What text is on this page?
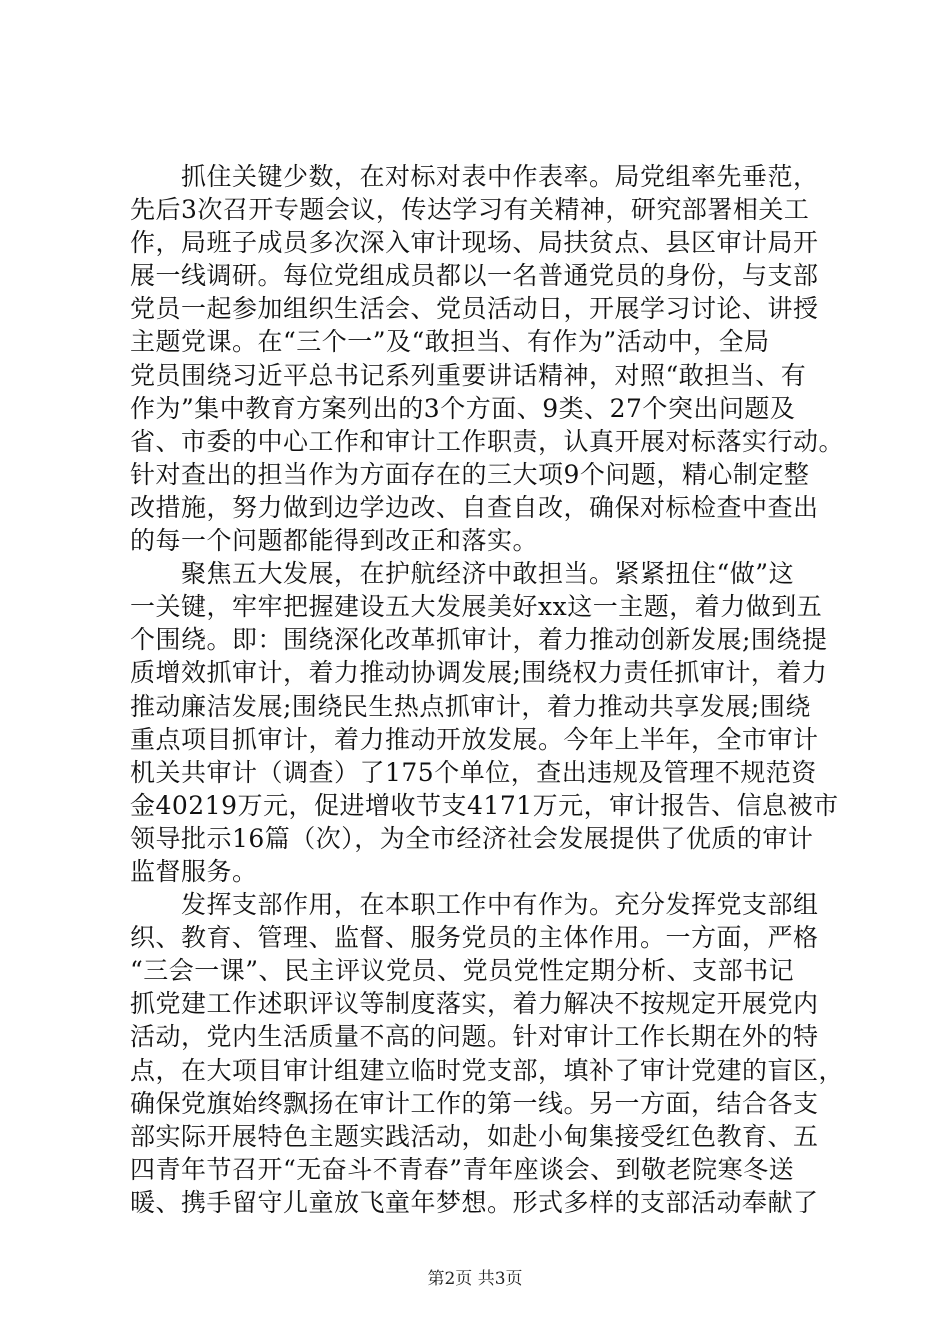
　　抓住关键少数，在对标对表中作表率。局党组率先垂范，
先后3次召开专题会议，传达学习有关精神，研究部署相关工
作，局班子成员多次深入审计现场、局扶贫点、县区审计局开
展一线调研。每位党组成员都以一名普通党员的身份，与支部
党员一起参加组织生活会、党员活动日，开展学习讨论、讲授
主题党课。在“三个一”及“敢担当、有作为”活动中，全局
党员围绕习近平总书记系列重要讲话精神，对照“敢担当、有
作为”集中教育方案列出的3个方面、9类、27个突出问题及
省、市委的中心工作和审计工作职责，认真开展对标落实行动。
针对查出的担当作为方面存在的三大项9个问题，精心制定整
改措施，努力做到边学边改、自查自改，确保对标检查中查出
的每一个问题都能得到改正和落实。
　　聚焦五大发展，在护航经济中敢担当。紧紧扭住“做”这
一关键，牢牢把握建设五大发展美好xx这一主题，着力做到五
个围绕。即：围绕深化改革抓审计，着力推动创新发展;围绕提
质增效抓审计，着力推动协调发展;围绕权力责任抓审计，着力
推动廉洁发展;围绕民生热点抓审计，着力推动共享发展;围绕
重点项目抓审计，着力推动开放发展。今年上半年，全市审计
机关共审计（调查）了175个单位，查出违规及管理不规范资
金40219万元，促进增收节支4171万元，审计报告、信息被市
领导批示16篇（次），为全市经济社会发展提供了优质的审计
监督服务。
　　发挥支部作用，在本职工作中有作为。充分发挥党支部组
织、教育、管理、监督、服务党员的主体作用。一方面，严格
“三会一课”、民主评议党员、党员党性定期分析、支部书记
抓党建工作述职评议等制度落实，着力解决不按规定开展党内
活动，党内生活质量不高的问题。针对审计工作长期在外的特
点，在大项目审计组建立临时党支部，填补了审计党建的盲区，
确保党旗始终飘扬在审计工作的第一线。另一方面，结合各支
部实际开展特色主题实践活动，如赴小甸集接受红色教育、五
四青年节召开“无奋斗不青春”青年座谈会、到敬老院寒冬送
暖、携手留守儿童放飞童年梦想。形式多样的支部活动奉献了
第2页 共3页
